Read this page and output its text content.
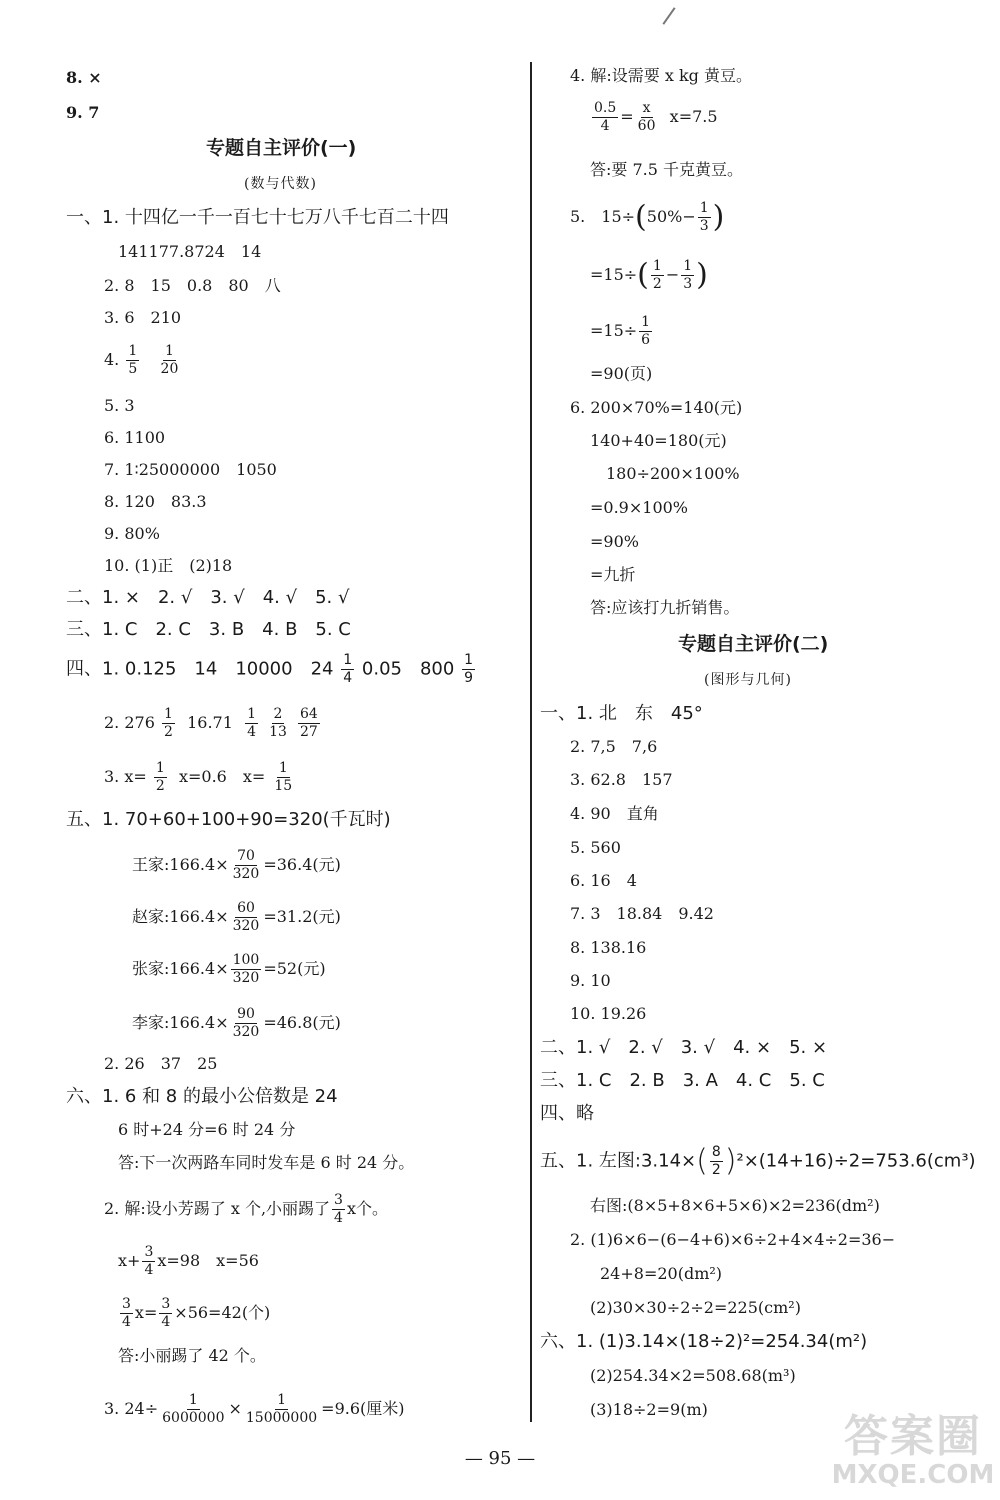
8. ×
9. 7
专题自主评价(一)
(数与代数)
一、1. 十四亿一千一百七十七万八千七百二十四
141177.8724　14
2. 8　15　0.8　80　八
3. 6　210
4. $\frac{1}{5}$
$\frac{1}{20}$
5. 3
6. 1100
7. 1∶25000000　1050
8. 120　83.3
9. 80%
10. (1)正　(2)18
二、1. ×　2. √　3. √　4. √　5. √
三、1. C　2. C　3. B　4. B　5. C
四、1. 0.125　14　10000　$24 \frac{1}{4} 0.05$　$800 \frac{1}{9}$
2. $276 \frac{1}{2} 16.71 \frac{1}{4}$
$\frac{2}{13}$
$\frac{64}{27}$
3. $x= \frac{1}{2} x=0.6$　$x= \frac{1}{15}$
五、1. 70+60+100+90=320(千瓦时)
王家:166.4× $\frac{70}{320} =36.4$(元)
赵家:166.4× $\frac{60}{320} =31.2$(元)
张家:166.4× $\frac{100}{320} =52$(元)
李家:166.4× $\frac{90}{320} =46.8$(元)
2. 26　37　25
六、1. 6 和 8 的最小公倍数是 24
6 时+24 分=6 时 24 分
答:下一次两路车同时发车是 6 时 24 分。
2. 解:设小芳踢了 x 个,小丽踢了 $\frac{3}{4}$ x个。
$x+ \frac{3}{4} x=98$　x=56
$\frac{3}{4} x= \frac{3}{4} \times 56=42$(个)
答:小丽踢了 42 个。
3. $24\div \frac{1}{6000000} \times \frac{1}{15000000} =9.6$(厘米)
4. 解:设需要 x kg 黄豆。
$\frac{0.5}{4} = \frac{x}{60} x=7.5$
答:要 7.5 千克黄豆。
5.　$15\div(50\%- \frac{1}{3}$ )
$=15\div( \frac{1}{2} - \frac{1}{3}$ )
$=15\div \frac{1}{6}$
=90(页)
6. 200×70%=140(元)
140+40=180(元)
180÷200×100%
=0.9×100%
=90%
=九折
答:应该打九折销售。
专题自主评价(二)
(图形与几何)
一、1. 北　东　45°
2. 7,5　7,6
3. 62.8　157
4. 90　直角
5. 560
6. 16　4
7. 3　18.84　9.42
8. 138.16
9. 10
10. 19.26
二、1. √　2. √　3. √　4. ×　5. ×
三、1. C　2. B　3. A　4. C　5. C
四、略
五、1. 左图:3.14×( $\frac{8}{2} )^2\times(14+16)\div 2=753.6(cm^3)$
右图:(8×5+8×6+5×6)×2=236(dm²)
2. (1)6×6−(6−4+6)×6÷2+4×4÷2=36−
24+8=20(dm²)
(2)30×30÷2÷2=225(cm²)
六、1. (1)3.14×(18÷2)²=254.34(m²)
(2)254.34×2=508.68(m³)
(3)18÷2=9(m)
— 95 —	答案圈
MXQE.COM
